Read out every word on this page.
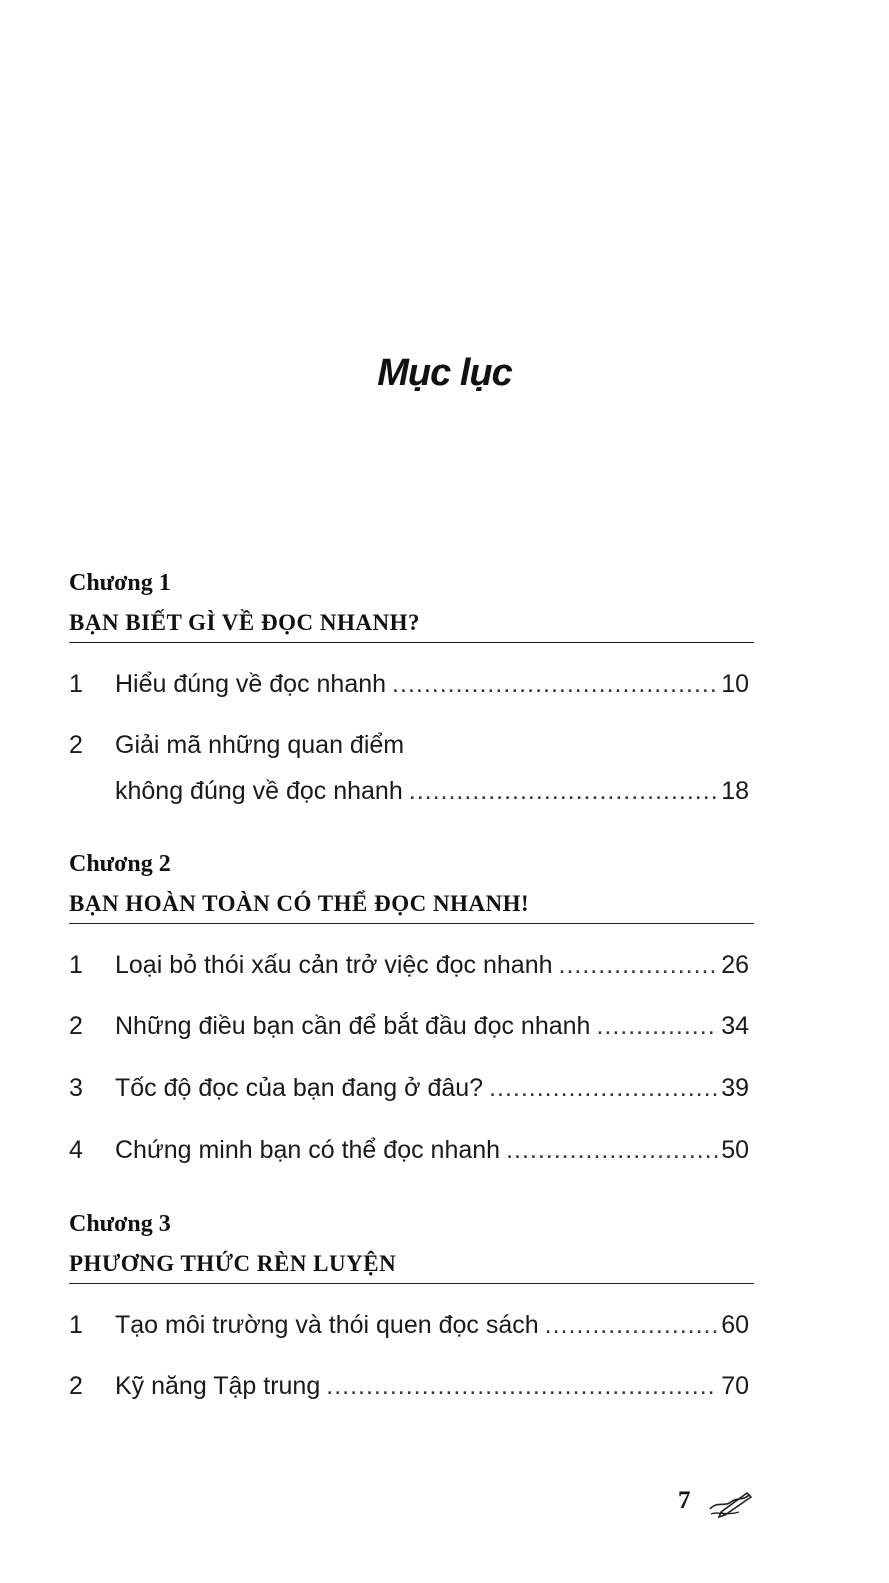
Mục lục
Chương 1
BẠN BIẾT GÌ VỀ ĐỌC NHANH?
1	Hiểu đúng về đọc nhanh .....	10
2	Giải mã những quan điểm
không đúng về đọc nhanh .....	18
Chương 2
BẠN HOÀN TOÀN CÓ THỂ ĐỌC NHANH!
1	Loại bỏ thói xấu cản trở việc đọc nhanh .....	26
2	Những điều bạn cần để bắt đầu đọc nhanh .....	34
3	Tốc độ đọc của bạn đang ở đâu? .....	39
4	Chứng minh bạn có thể đọc nhanh .....	50
Chương 3
PHƯƠNG THỨC RÈN LUYỆN
1	Tạo môi trường và thói quen đọc sách .....	60
2	Kỹ năng Tập trung .....	70
7
